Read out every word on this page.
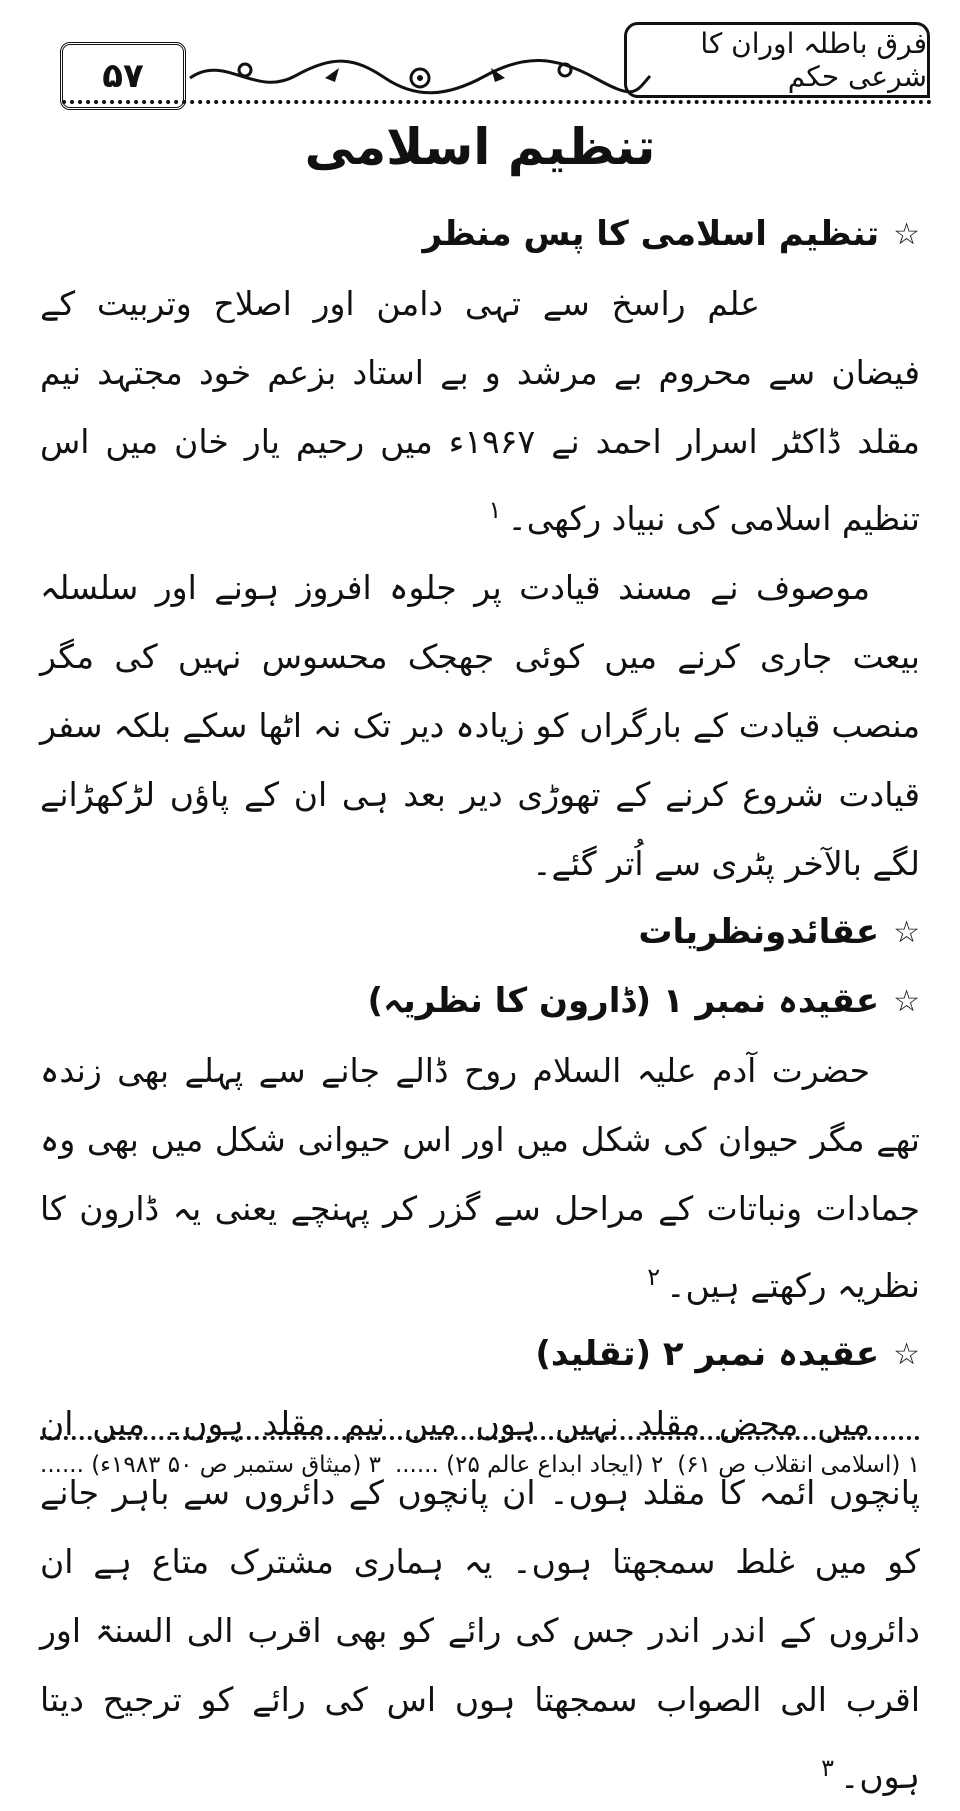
۵۷
فرق باطلہ اوران کا شرعی حکم
تنظیم اسلامی
☆
تنظیم اسلامی کا پس منظر

علم راسخ سے تہی دامن اور اصلاح وتربیت کے فیضان سے محروم بے مرشد و بے استاد بزعم خود مجتہد نیم مقلد ڈاکٹر اسرار احمد نے ۱۹۶۷ء میں رحیم یار خان میں اس تنظیم اسلامی کی نبیاد رکھی۔$^۱$

موصوف نے مسند قیادت پر جلوہ افروز ہونے اور سلسلہ بیعت جاری کرنے میں کوئی جھجک محسوس نہیں کی مگر منصب قیادت کے بارگراں کو زیادہ دیر تک نہ اٹھا سکے بلکہ سفر قیادت شروع کرنے کے تھوڑی دیر بعد ہی ان کے پاؤں لڑکھڑانے لگے بالآخر پٹری سے اُتر گئے۔

☆
عقائدونظریات
☆
عقیدہ نمبر ۱ (ڈارون کا نظریہ)

حضرت آدم علیہ السلام روح ڈالے جانے سے پہلے بھی زندہ تھے مگر حیوان کی شکل میں اور اس حیوانی شکل میں بھی وہ جمادات ونباتات کے مراحل سے گزر کر پہنچے یعنی یہ ڈارون کا نظریہ رکھتے ہیں۔$^۲$

☆
عقیدہ نمبر ۲ (تقلید)

میں محض مقلد نہیں ہوں میں نیم مقلد ہوں۔ میں ان پانچوں ائمہ کا مقلد ہوں۔ ان پانچوں کے دائروں سے باہر جانے کو میں غلط سمجھتا ہوں۔ یہ ہماری مشترک متاع ہے ان دائروں کے اندر اندر جس کی رائے کو بھی اقرب الی السنۃ اور اقرب الی الصواب سمجھتا ہوں اس کی رائے کو ترجیح دیتا ہوں۔$^۳$

۱ (اسلامی انقلاب ص ۶۱)
۲ (ایجاد ابداع عالم ۲۵) ......
۳ (میثاق ستمبر ص ۵۰ ۱۹۸۳ء) ......
